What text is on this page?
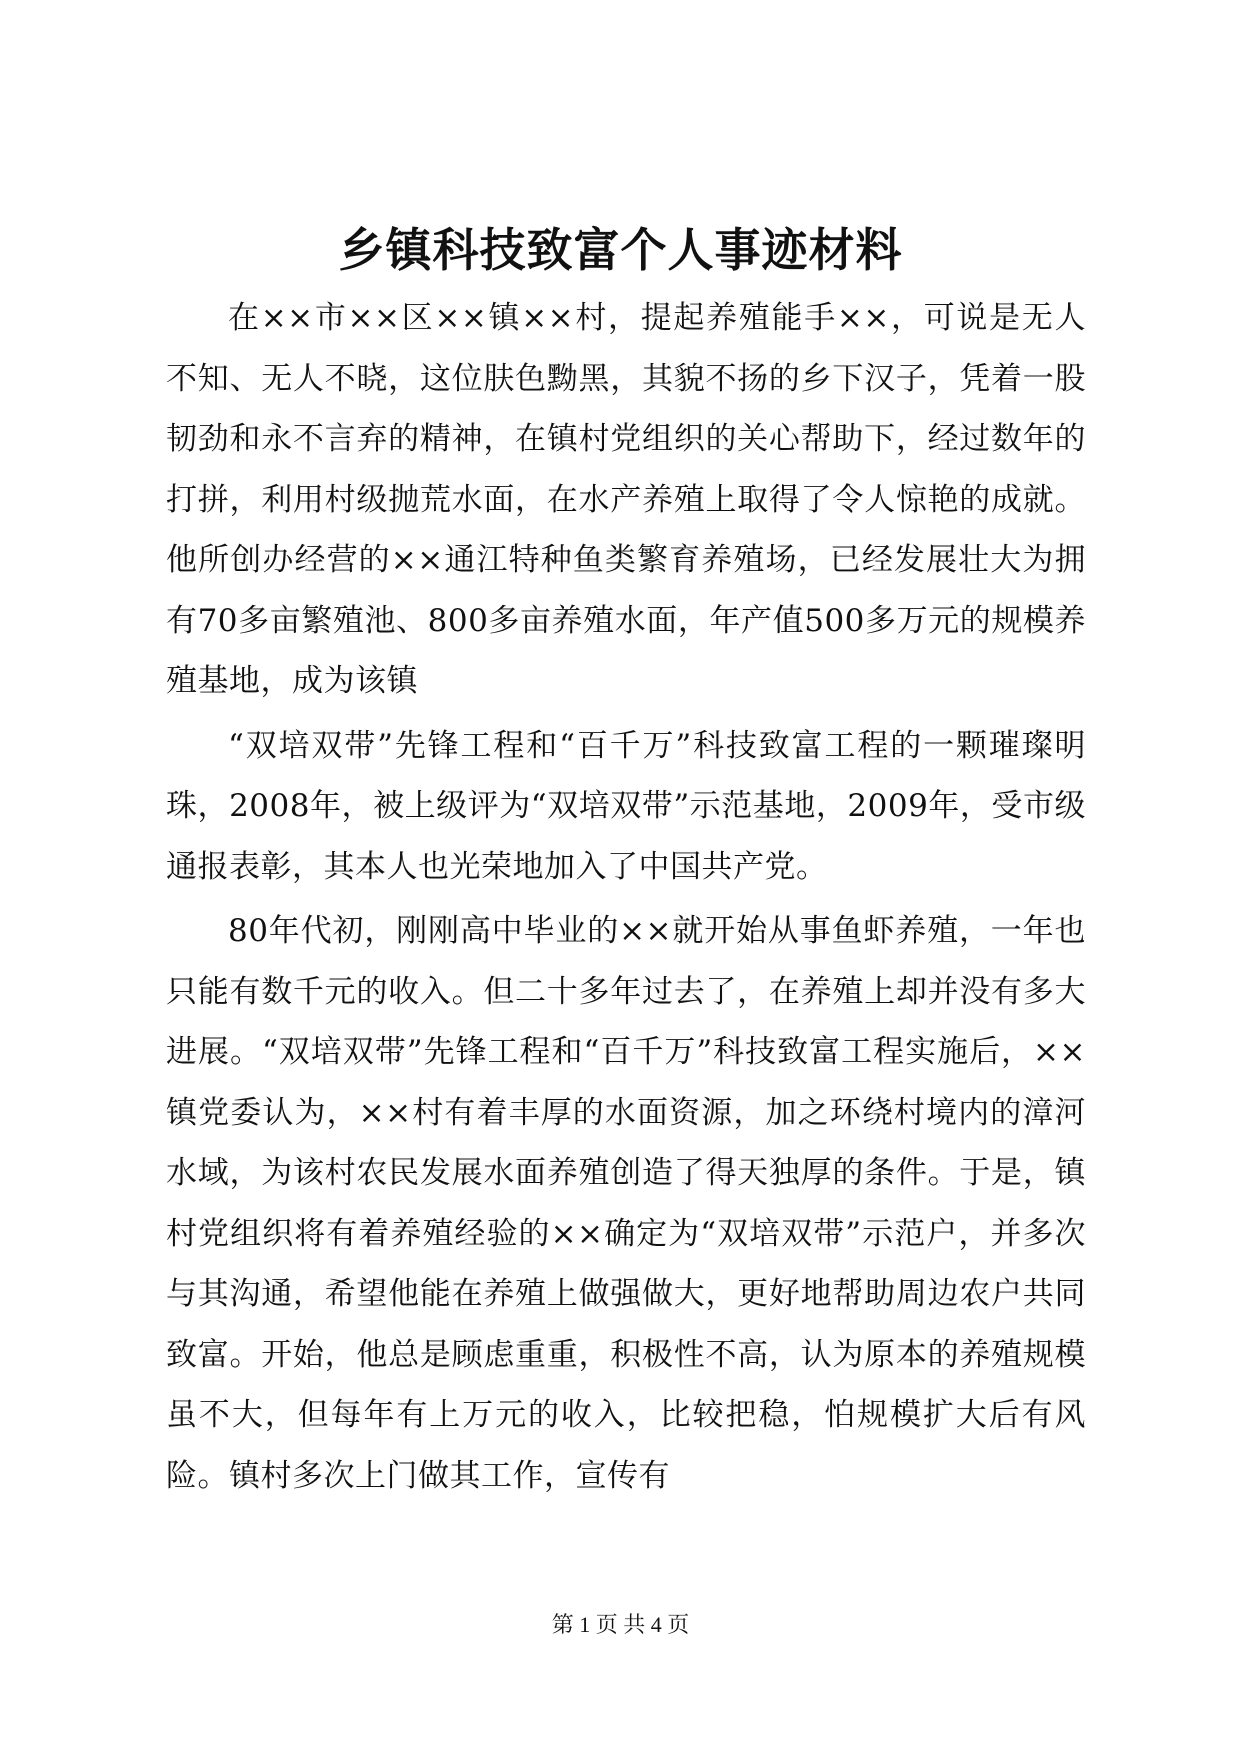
乡镇科技致富个人事迹材料

在××市××区××镇××村，提起养殖能手××，可说是无人不知、无人不晓，这位肤色黝黑，其貌不扬的乡下汉子，凭着一股韧劲和永不言弃的精神，在镇村党组织的关心帮助下，经过数年的打拼，利用村级抛荒水面，在水产养殖上取得了令人惊艳的成就。他所创办经营的××通江特种鱼类繁育养殖场，已经发展壮大为拥有70多亩繁殖池、800多亩养殖水面，年产值500多万元的规模养殖基地，成为该镇

“双培双带”先锋工程和“百千万”科技致富工程的一颗璀璨明珠，2008年，被上级评为“双培双带”示范基地，2009年，受市级通报表彰，其本人也光荣地加入了中国共产党。

80年代初，刚刚高中毕业的××就开始从事鱼虾养殖，一年也只能有数千元的收入。但二十多年过去了，在养殖上却并没有多大进展。“双培双带”先锋工程和“百千万”科技致富工程实施后，××镇党委认为，××村有着丰厚的水面资源，加之环绕村境内的漳河水域，为该村农民发展水面养殖创造了得天独厚的条件。于是，镇村党组织将有着养殖经验的××确定为“双培双带”示范户，并多次与其沟通，希望他能在养殖上做强做大，更好地帮助周边农户共同致富。开始，他总是顾虑重重，积极性不高，认为原本的养殖规模虽不大，但每年有上万元的收入，比较把稳，怕规模扩大后有风险。镇村多次上门做其工作，宣传有

第 1 页 共 4 页
